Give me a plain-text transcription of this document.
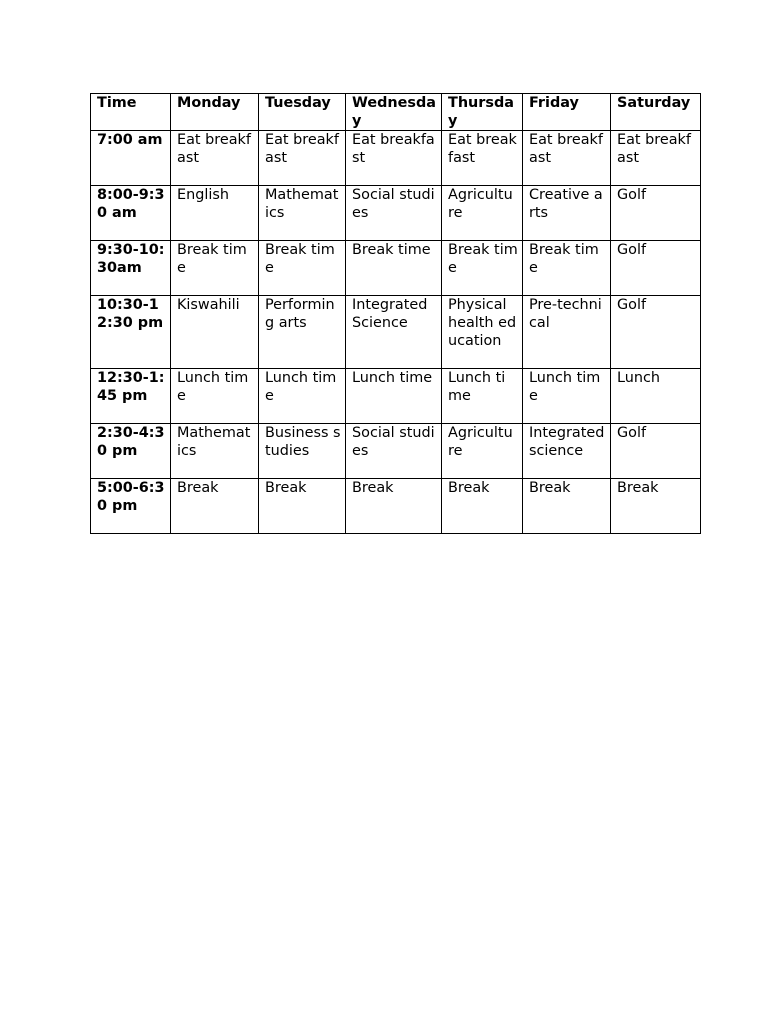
Time	Monday	Tuesday	Wednesday	Thursday	Friday	Saturday
7:00 am	Eat breakfast	Eat breakfast	Eat breakfast	Eat breakfast	Eat breakfast	Eat breakfast
8:00-9:30 am	English	Mathematics	Social studies	Agriculture	Creative arts	Golf
9:30-10:30am	Break time	Break time	Break time	Break time	Break time	Golf
10:30-12:30 pm	Kiswahili	Performing arts	Integrated Science	Physical health education	Pre-technical	Golf
12:30-1:45 pm	Lunch time	Lunch time	Lunch time	Lunch time	Lunch time	Lunch
2:30-4:30 pm	Mathematics	Business studies	Social studies	Agriculture	Integrated science	Golf
5:00-6:30 pm	Break	Break	Break	Break	Break	Break
